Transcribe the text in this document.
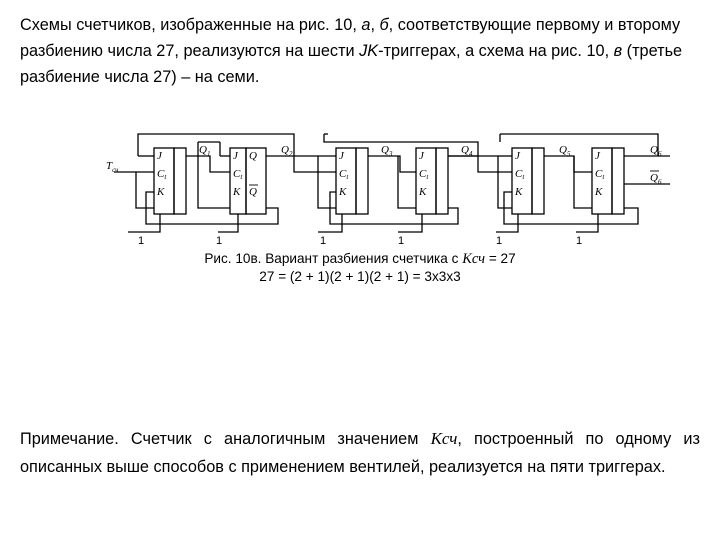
Схемы счетчиков, изображенные на рис. 10, а, б, соответствующие первому и второму разбиению числа 27, реализуются на шести JK-триггерах, а схема на рис. 10, в (третье разбиение числа 27) – на семи.
$T_{сч}$
J
Ct
K
J
Ct
K
Q
Q
J
Ct
K
J
Ct
K
J
Ct
K
J
Ct
K
$Q_1$	$Q_2$	$Q_3$	$Q_4$	$Q_5$	$Q_6$
$Q_6$
1	1	1	1	1	1
Рис. 10в. Вариант разбиения счетчика с Kсч = 27
27 = (2 + 1)(2 + 1)(2 + 1) = 3х3х3
Примечание. Счетчик с аналогичным значением Kсч, построенный по одному из описанных выше способов с применением вентилей, реализуется на пяти триггерах.
